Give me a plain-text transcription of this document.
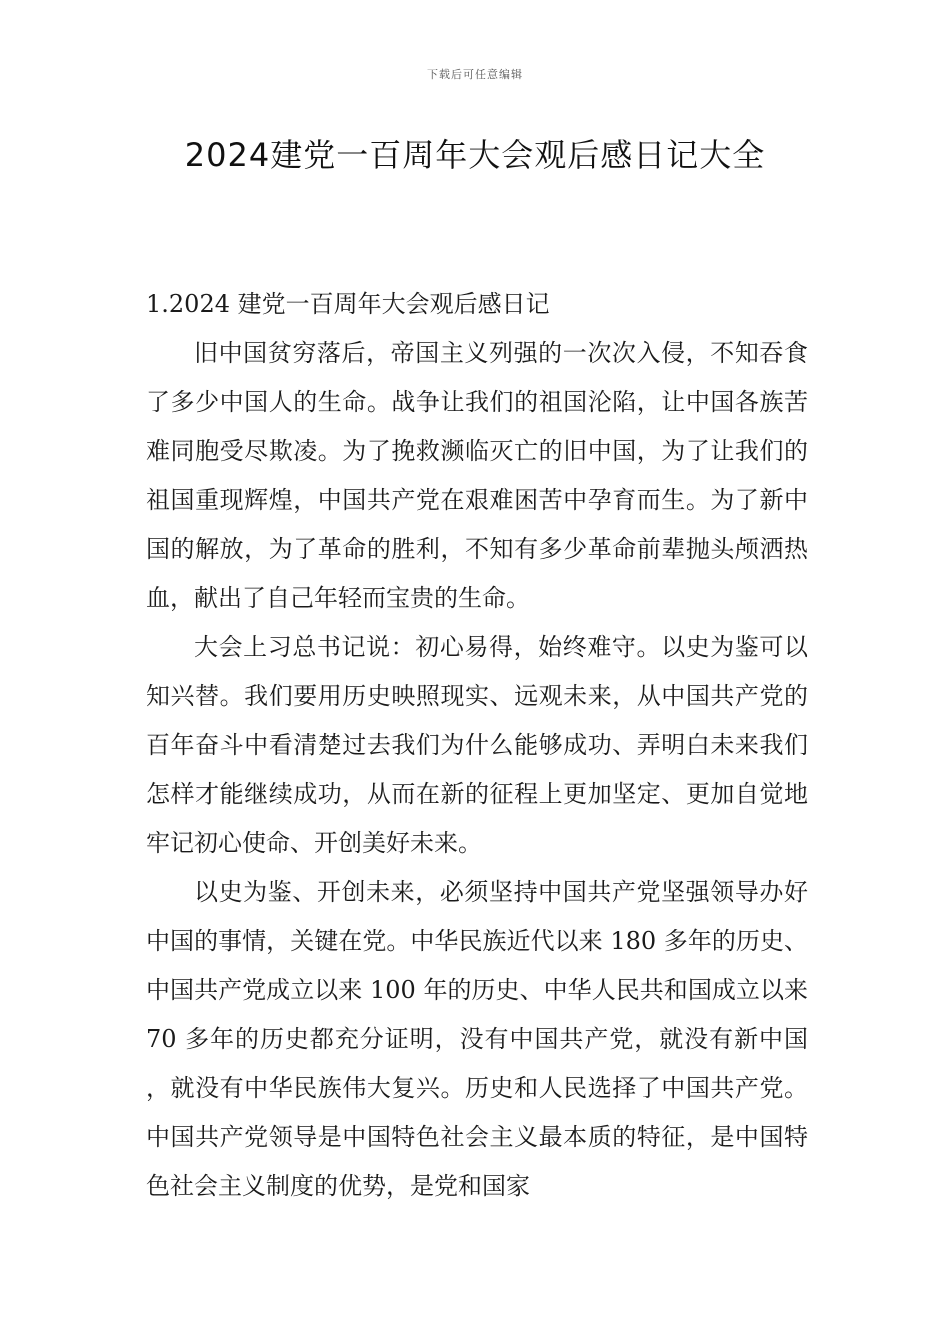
下载后可任意编辑
2024建党一百周年大会观后感日记大全
1.2024 建党一百周年大会观后感日记

旧中国贫穷落后，帝国主义列强的一次次入侵，不知吞食了多少中国人的生命。战争让我们的祖国沦陷，让中国各族苦难同胞受尽欺凌。为了挽救濒临灭亡的旧中国，为了让我们的祖国重现辉煌，中国共产党在艰难困苦中孕育而生。为了新中国的解放，为了革命的胜利，不知有多少革命前辈抛头颅洒热血，献出了自己年轻而宝贵的生命。

大会上习总书记说：初心易得，始终难守。以史为鉴可以知兴替。我们要用历史映照现实、远观未来，从中国共产党的百年奋斗中看清楚过去我们为什么能够成功、弄明白未来我们怎样才能继续成功，从而在新的征程上更加坚定、更加自觉地牢记初心使命、开创美好未来。

以史为鉴、开创未来，必须坚持中国共产党坚强领导办好中国的事情，关键在党。中华民族近代以来 180 多年的历史、中国共产党成立以来 100 年的历史、中华人民共和国成立以来 70 多年的历史都充分证明，没有中国共产党，就没有新中国，就没有中华民族伟大复兴。历史和人民选择了中国共产党。中国共产党领导是中国特色社会主义最本质的特征，是中国特色社会主义制度的优势，是党和国家
